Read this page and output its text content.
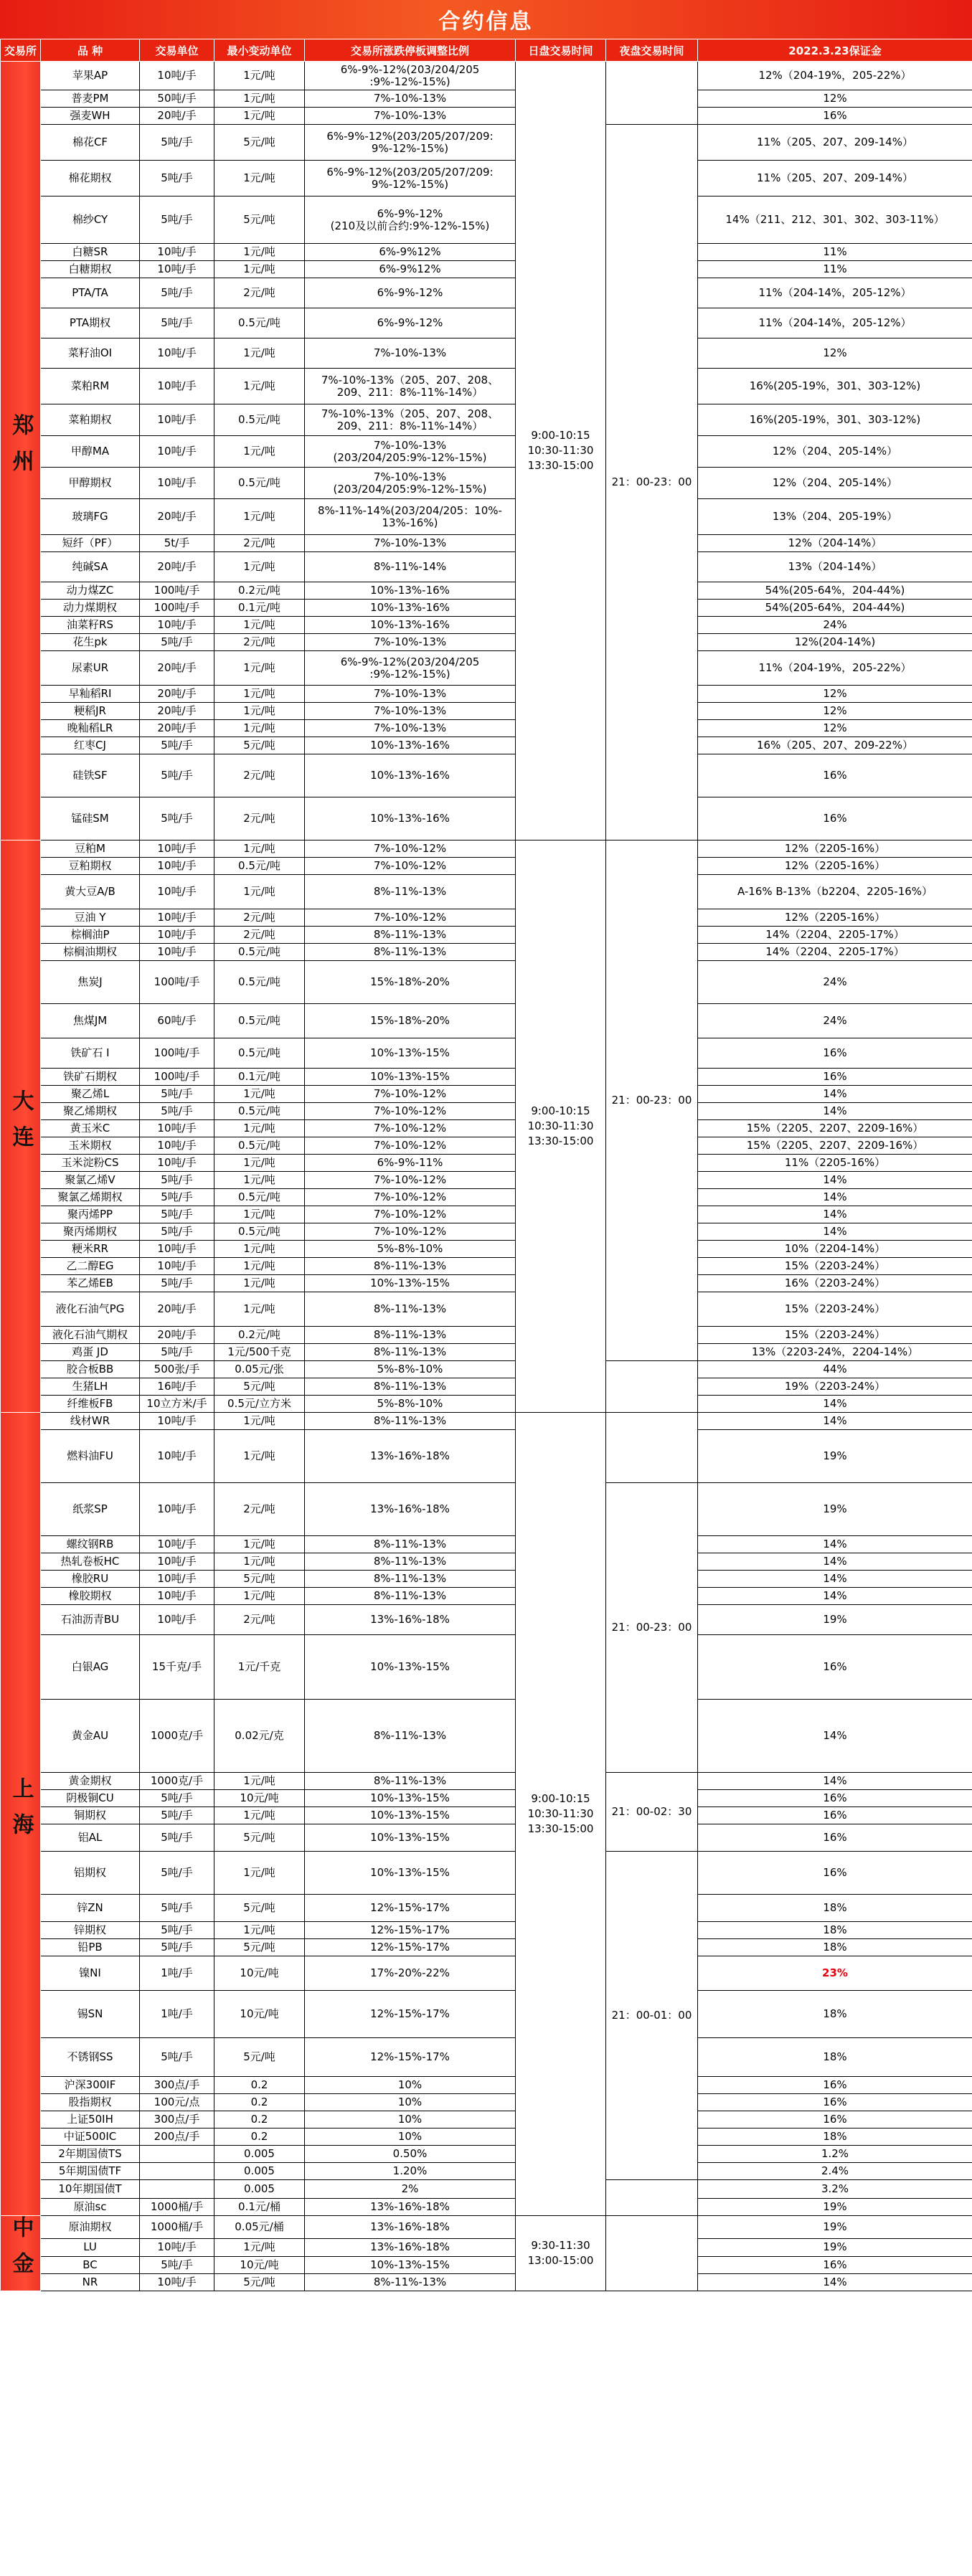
合约信息
交易所	品 种	交易单位	最小变动单位	交易所涨跌停板调整比例	日盘交易时间	夜盘交易时间	2022.3.23保证金
郑州	苹果AP	10吨/手	1元/吨	6%-9%-12%(203/204/205
:9%-12%-15%)	9:00-10:15
10:30-11:30
13:30-15:00		12%（204-19%，205-22%）
	普麦PM	50吨/手	1元/吨	7%-10%-13%			12%
	强麦WH	20吨/手	1元/吨	7%-10%-13%			16%
	棉花CF	5吨/手	5元/吨	6%-9%-12%(203/205/207/209:
9%-12%-15%)		21：00-23：00	11%（205、207、209-14%）
	棉花期权	5吨/手	1元/吨	6%-9%-12%(203/205/207/209:
9%-12%-15%)			11%（205、207、209-14%）
	棉纱CY	5吨/手	5元/吨	6%-9%-12%
(210及以前合约:9%-12%-15%)			14%（211、212、301、302、303-11%）
	白糖SR	10吨/手	1元/吨	6%-9%12%			11%
	白糖期权	10吨/手	1元/吨	6%-9%12%			11%
	PTA/TA	5吨/手	2元/吨	6%-9%-12%			11%（204-14%，205-12%）
	PTA期权	5吨/手	0.5元/吨	6%-9%-12%			11%（204-14%，205-12%）
	菜籽油OI	10吨/手	1元/吨	7%-10%-13%			12%
	菜粕RM	10吨/手	1元/吨	7%-10%-13%（205、207、208、
209、211：8%-11%-14%）			16%(205-19%，301、303-12%)
	菜粕期权	10吨/手	0.5元/吨	7%-10%-13%（205、207、208、
209、211：8%-11%-14%）			16%(205-19%，301、303-12%)
	甲醇MA	10吨/手	1元/吨	7%-10%-13%
(203/204/205:9%-12%-15%)			12%（204、205-14%）
	甲醇期权	10吨/手	0.5元/吨	7%-10%-13%
(203/204/205:9%-12%-15%)			12%（204、205-14%）
	玻璃FG	20吨/手	1元/吨	8%-11%-14%(203/204/205：10%-
13%-16%)			13%（204、205-19%）
	短纤（PF）	5t/手	2元/吨	7%-10%-13%			12%（204-14%）
	纯碱SA	20吨/手	1元/吨	8%-11%-14%			13%（204-14%）
	动力煤ZC	100吨/手	0.2元/吨	10%-13%-16%			54%(205-64%，204-44%)
	动力煤期权	100吨/手	0.1元/吨	10%-13%-16%			54%(205-64%，204-44%)
	油菜籽RS	10吨/手	1元/吨	10%-13%-16%			24%
	花生pk	5吨/手	2元/吨	7%-10%-13%			12%(204-14%)
	尿素UR	20吨/手	1元/吨	6%-9%-12%(203/204/205
:9%-12%-15%)			11%（204-19%，205-22%）
	早籼稻RI	20吨/手	1元/吨	7%-10%-13%			12%
	粳稻JR	20吨/手	1元/吨	7%-10%-13%			12%
	晚籼稻LR	20吨/手	1元/吨	7%-10%-13%			12%
	红枣CJ	5吨/手	5元/吨	10%-13%-16%			16%（205、207、209-22%）
	硅铁SF	5吨/手	2元/吨	10%-13%-16%			16%
	锰硅SM	5吨/手	2元/吨	10%-13%-16%			16%
大连	豆粕M	10吨/手	1元/吨	7%-10%-12%	9:00-10:15
10:30-11:30
13:30-15:00	21：00-23：00	12%（2205-16%）
	豆粕期权	10吨/手	0.5元/吨	7%-10%-12%			12%（2205-16%）
	黄大豆A/B	10吨/手	1元/吨	8%-11%-13%			A-16% B-13%（b2204、2205-16%）
	豆油 Y	10吨/手	2元/吨	7%-10%-12%			12%（2205-16%）
	棕榈油P	10吨/手	2元/吨	8%-11%-13%			14%（2204、2205-17%）
	棕榈油期权	10吨/手	0.5元/吨	8%-11%-13%			14%（2204、2205-17%）
	焦炭J	100吨/手	0.5元/吨	15%-18%-20%			24%
	焦煤JM	60吨/手	0.5元/吨	15%-18%-20%			24%
	铁矿石 I	100吨/手	0.5元/吨	10%-13%-15%			16%
	铁矿石期权	100吨/手	0.1元/吨	10%-13%-15%			16%
	聚乙烯L	5吨/手	1元/吨	7%-10%-12%			14%
	聚乙烯期权	5吨/手	0.5元/吨	7%-10%-12%			14%
	黄玉米C	10吨/手	1元/吨	7%-10%-12%			15%（2205、2207、2209-16%）
	玉米期权	10吨/手	0.5元/吨	7%-10%-12%			15%（2205、2207、2209-16%）
	玉米淀粉CS	10吨/手	1元/吨	6%-9%-11%			11%（2205-16%）
	聚氯乙烯V	5吨/手	1元/吨	7%-10%-12%			14%
	聚氯乙烯期权	5吨/手	0.5元/吨	7%-10%-12%			14%
	聚丙烯PP	5吨/手	1元/吨	7%-10%-12%			14%
	聚丙烯期权	5吨/手	0.5元/吨	7%-10%-12%			14%
	粳米RR	10吨/手	1元/吨	5%-8%-10%			10%（2204-14%）
	乙二醇EG	10吨/手	1元/吨	8%-11%-13%			15%（2203-24%）
	苯乙烯EB	5吨/手	1元/吨	10%-13%-15%			16%（2203-24%）
	液化石油气PG	20吨/手	1元/吨	8%-11%-13%			15%（2203-24%）
	液化石油气期权	20吨/手	0.2元/吨	8%-11%-13%			15%（2203-24%）
	鸡蛋 JD	5吨/手	1元/500千克	8%-11%-13%			13%（2203-24%，2204-14%）
	胶合板BB	500张/手	0.05元/张	5%-8%-10%			44%
	生猪LH	16吨/手	5元/吨	8%-11%-13%			19%（2203-24%）
	纤维板FB	10立方米/手	0.5元/立方米	5%-8%-10%			14%
上海	线材WR	10吨/手	1元/吨	8%-11%-13%	9:00-10:15
10:30-11:30
13:30-15:00		14%
	燃料油FU	10吨/手	1元/吨	13%-16%-18%			19%
	纸浆SP	10吨/手	2元/吨	13%-16%-18%		21：00-23：00	19%
	螺纹钢RB	10吨/手	1元/吨	8%-11%-13%			14%
	热轧卷板HC	10吨/手	1元/吨	8%-11%-13%			14%
	橡胶RU	10吨/手	5元/吨	8%-11%-13%			14%
	橡胶期权	10吨/手	1元/吨	8%-11%-13%			14%
	石油沥青BU	10吨/手	2元/吨	13%-16%-18%			19%
	白银AG	15千克/手	1元/千克	10%-13%-15%			16%
	黄金AU	1000克/手	0.02元/克	8%-11%-13%			14%
	黄金期权	1000克/手	1元/吨	8%-11%-13%		21：00-02：30	14%
	阴极铜CU	5吨/手	10元/吨	10%-13%-15%			16%
	铜期权	5吨/手	1元/吨	10%-13%-15%			16%
	铝AL	5吨/手	5元/吨	10%-13%-15%			16%
	铝期权	5吨/手	1元/吨	10%-13%-15%		21：00-01：00	16%
	锌ZN	5吨/手	5元/吨	12%-15%-17%			18%
	锌期权	5吨/手	1元/吨	12%-15%-17%			18%
	铅PB	5吨/手	5元/吨	12%-15%-17%			18%
	镍NI	1吨/手	10元/吨	17%-20%-22%			23%
	锡SN	1吨/手	10元/吨	12%-15%-17%			18%
	不锈钢SS	5吨/手	5元/吨	12%-15%-17%			18%
	沪深300IF	300点/手	0.2	10%			16%
	股指期权	100元/点	0.2	10%			16%
	上证50IH	300点/手	0.2	10%			16%
	中证500IC	200点/手	0.2	10%			18%
	2年期国债TS		0.005	0.50%			1.2%
	5年期国债TF		0.005	1.20%			2.4%
	10年期国债T		0.005	2%			3.2%
	原油sc	1000桶/手	0.1元/桶	13%-16%-18%			19%
中金	原油期权	1000桶/手	0.05元/桶	13%-16%-18%	9:30-11:30
13:00-15:00		19%
	LU	10吨/手	1元/吨	13%-16%-18%			19%
	BC	5吨/手	10元/吨	10%-13%-15%			16%
	NR	10吨/手	5元/吨	8%-11%-13%			14%
